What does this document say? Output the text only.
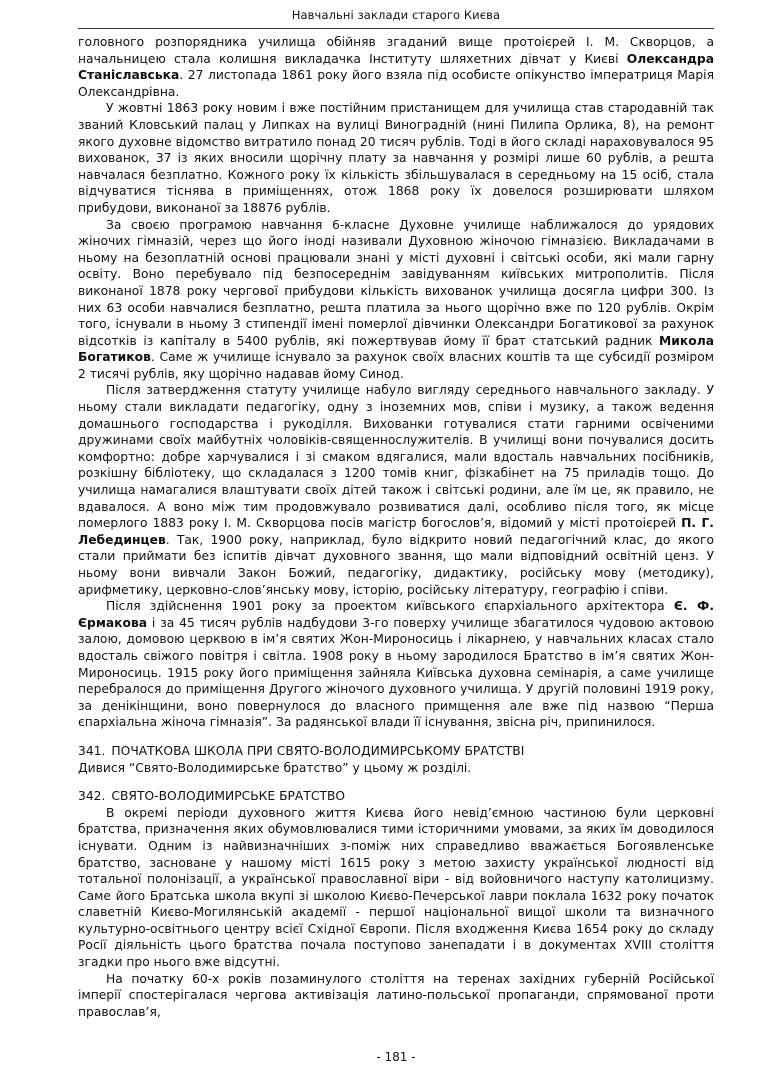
Навчальні заклади старого Києва

головного розпорядника училища обійняв згаданий вище протоієрей І. М. Скворцов, а начальницею стала колишня викладачка Інституту шляхетних дівчат у Києві Олександра Станіславська. 27 листопада 1861 року його взяла під особисте опікунство імператриця Марія Олександрівна.

У жовтні 1863 року новим і вже постійним пристанищем для училища став стародавній так званий Кловський палац у Липках на вулиці Виноградній (нині Пилипа Орлика, 8), на ремонт якого духовне відомство витратило понад 20 тисяч рублів. Тоді в його складі нараховувалося 95 вихованок, 37 із яких вносили щорічну плату за навчання у розмірі лише 60 рублів, а решта навчалася безплатно. Кожного року їх кількість збільшувалася в середньому на 15 осіб, стала відчуватися тіснява в приміщеннях, отож 1868 року їх довелося розширювати шляхом прибудови, виконаної за 18876 рублів.

За своєю програмою навчання 6-класне Духовне училище наближалося до урядових жіночих гімназій, через що його іноді називали Духовною жіночою гімназією. Викладачами в ньому на безоплатній основі працювали знані у місті духовні і світські особи, які мали гарну освіту. Воно перебувало під безпосереднім завідуванням київських митрополитів. Після виконаної 1878 року чергової прибудови кількість вихованок училища досягла цифри 300. Із них 63 особи навчалися безплатно, решта платила за нього щорічно вже по 120 рублів. Окрім того, існували в ньому 3 стипендії імені померлої дівчинки Олександри Богатикової за рахунок відсотків із капіталу в 5400 рублів, які пожертвував йому її брат статський радник Микола Богатиков. Саме ж училище існувало за рахунок своїх власних коштів та ще субсидії розміром 2 тисячі рублів, яку щорічно надавав йому Синод.

Після затвердження статуту училище набуло вигляду середнього навчального закладу. У ньому стали викладати педагогіку, одну з іноземних мов, співи і музику, а також ведення домашнього господарства і рукоділля. Вихованки готувалися стати гарними освіченими дружинами своїх майбутніх чоловіків-священнослужителів. В училищі вони почувалися досить комфортно: добре харчувалися і зі смаком вдягалися, мали вдосталь навчальних посібників, розкішну бібліотеку, що складалася з 1200 томів книг, фізкабінет на 75 приладів тощо. До училища намагалися влаштувати своїх дітей також і світські родини, але їм це, як правило, не вдавалося. А воно між тим продовжувало розвиватися далі, особливо після того, як місце померлого 1883 року І. М. Скворцова посів магістр богослов’я, відомий у місті протоієрей П. Г. Лебединцев. Так, 1900 року, наприклад, було відкрито новий педагогічний клас, до якого стали приймати без іспитів дівчат духовного звання, що мали відповідний освітній ценз. У ньому вони вивчали Закон Божий, педагогіку, дидактику, російську мову (методику), арифметику, церковно-слов’янську мову, історію, російську літературу, географію і співи.

Після здійснення 1901 року за проектом київського єпархіального архітектора Є. Ф. Єрмакова і за 45 тисяч рублів надбудови 3-го поверху училище збагатилося чудовою актовою залою, домовою церквою в ім’я святих Жон-Мироносиць і лікарнею, у навчальних класах стало вдосталь свіжого повітря і світла. 1908 року в ньому зародилося Братство в ім’я святих Жон-Мироносиць. 1915 року його приміщення зайняла Київська духовна семінарія, а саме училище перебралося до приміщення Другого жіночого духовного училища. У другій половині 1919 року, за денікінщини, воно повернулося до власного примщення але вже під назвою “Перша єпархіальна жіноча гімназія”. За радянської влади її існування, звісна річ, припинилося.

341. ПОЧАТКОВА ШКОЛА ПРИ СВЯТО-ВОЛОДИМИРСЬКОМУ БРАТСТВІ

Дивися “Свято-Володимирське братство” у цьому ж розділі.

342. СВЯТО-ВОЛОДИМИРСЬКЕ БРАТСТВО

В окремі періоди духовного життя Києва його невід’ємною частиною були церковні братства, призначення яких обумовлювалися тими історичними умовами, за яких їм доводилося існувати. Одним із найвизначніших з-поміж них справедливо вважається Богоявленське братство, засноване у нашому місті 1615 року з метою захисту української людності від тотальної полонізації, а української православної віри - від войовничого наступу католицизму. Саме його Братська школа вкупі зі школою Києво-Печерської лаври поклала 1632 року початок славетній Києво-Могилянській академії - першої національної вищої школи та визначного культурно-освітнього центру всієї Східної Європи. Після входження Києва 1654 року до складу Росії діяльність цього братства почала поступово занепадати і в документах XVIII століття згадки про нього вже відсутні.

На початку 60-х років позаминулого століття на теренах західних губерній Російської імперії спостерігалася чергова активізація латино-польської пропаганди, спрямованої проти православ’я,

- 181 -
